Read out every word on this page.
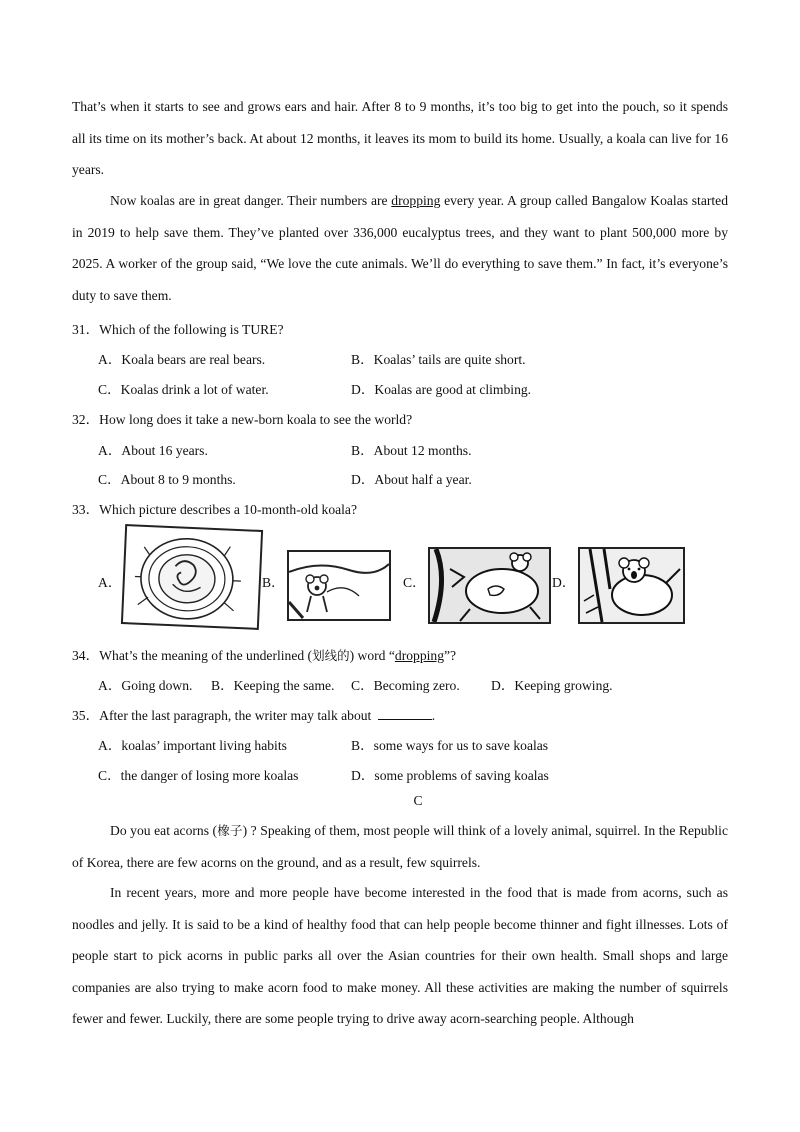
That’s when it starts to see and grows ears and hair. After 8 to 9 months, it’s too big to get into the pouch, so it spends all its time on its mother’s back. At about 12 months, it leaves its mom to build its home. Usually, a koala can live for 16 years.

Now koalas are in great danger. Their numbers are dropping every year. A group called Bangalow Koalas started in 2019 to help save them. They’ve planted over 336,000 eucalyptus trees, and they want to plant 500,000 more by 2025. A worker of the group said, “We love the cute animals. We’ll do everything to save them.” In fact, it’s everyone’s duty to save them.

31．Which of the following is TURE?
A．Koala bears are real bears.	B．Koalas’ tails are quite short.
C．Koalas drink a lot of water.	D．Koalas are good at climbing.
32．How long does it take a new-born koala to see the world?
A．About 16 years.	B．About 12 months.
C．About 8 to 9 months.	D．About half a year.
33．Which picture describes a 10-month-old koala?
A．	B．	C．	D．
34．What’s the meaning of the underlined (划线的) word “dropping”?
A．Going down. B．Keeping the same. C．Becoming zero. D．Keeping growing.
35．After the last paragraph, the writer may talk about	.
A．koalas’ important living habits	B．some ways for us to save koalas
C．the danger of losing more koalas	D．some problems of saving koalas
C

Do you eat acorns (橡子) ? Speaking of them, most people will think of a lovely animal, squirrel. In the Republic of Korea, there are few acorns on the ground, and as a result, few squirrels.

In recent years, more and more people have become interested in the food that is made from acorns, such as noodles and jelly. It is said to be a kind of healthy food that can help people become thinner and fight illnesses. Lots of people start to pick acorns in public parks all over the Asian countries for their own health. Small shops and large companies are also trying to make acorn food to make money. All these activities are making the number of squirrels fewer and fewer. Luckily, there are some people trying to drive away acorn-searching people. Although
